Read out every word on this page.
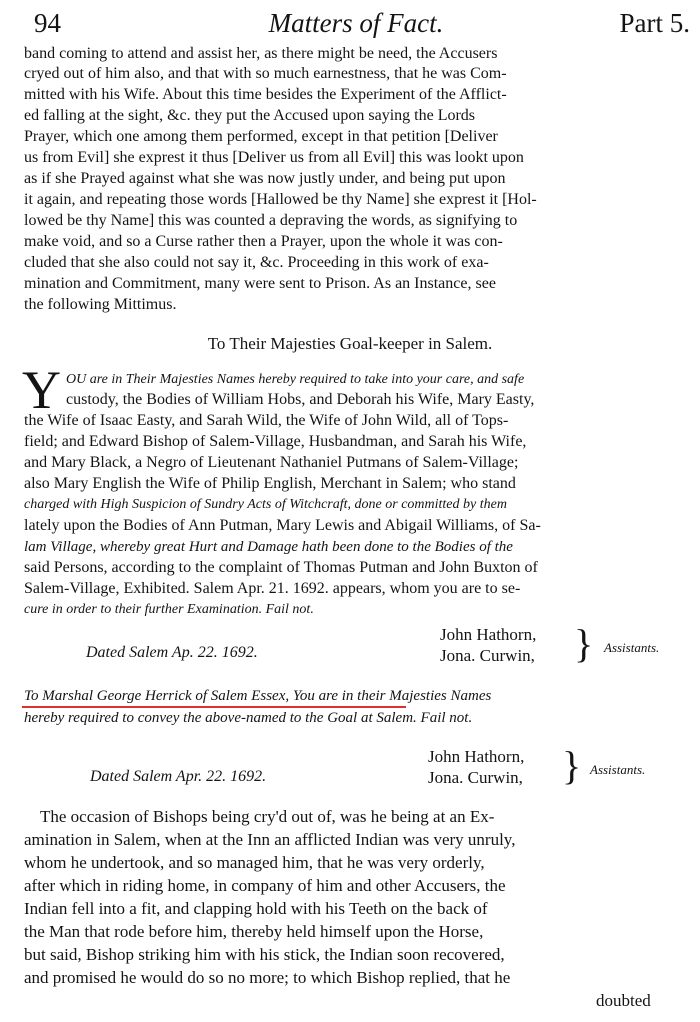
94	Matters of Fact.	Part 5.
band coming to attend and assist her, as there might be need, the Accusers
cryed out of him also, and that with so much earnestness, that he was Com-
mitted with his Wife. About this time besides the Experiment of the Afflict-
ed falling at the sight, &c. they put the Accused upon saying the Lords
Prayer, which one among them performed, except in that petition [Deliver
us from Evil] she exprest it thus [Deliver us from all Evil] this was lookt upon
as if she Prayed against what she was now justly under, and being put upon
it again, and repeating those words [Hallowed be thy Name] she exprest it [Hol-
lowed be thy Name] this was counted a depraving the words, as signifying to
make void, and so a Curse rather then a Prayer, upon the whole it was con-
cluded that she also could not say it, &c. Proceeding in this work of exa-
mination and Commitment, many were sent to Prison. As an Instance, see
the following Mittimus.
To Their Majesties Goal-keeper in Salem.
Y OU are in Their Majesties Names hereby required to take into your care, and safe
custody, the Bodies of William Hobs, and Deborah his Wife, Mary Easty,
the Wife of Isaac Easty, and Sarah Wild, the Wife of John Wild, all of Tops-
field; and Edward Bishop of Salem-Village, Husbandman, and Sarah his Wife,
and Mary Black, a Negro of Lieutenant Nathaniel Putmans of Salem-Village;
also Mary English the Wife of Philip English, Merchant in Salem; who stand
charged with High Suspicion of Sundry Acts of Witchcraft, done or committed by them
lately upon the Bodies of Ann Putman, Mary Lewis and Abigail Williams, of Sa-
lam Village, whereby great Hurt and Damage hath been done to the Bodies of the
said Persons, according to the complaint of Thomas Putman and John Buxton of
Salem-Village, Exhibited. Salem Apr. 21. 1692. appears, whom you are to se-
cure in order to their further Examination. Fail not.
Dated Salem Ap. 22. 1692.
John Hathorn,
Jona. Curwin, } Assistants.
To Marshal George Herrick of Salem Essex, You are in their Majesties Names
hereby required to convey the above-named to the Goal at Salem. Fail not.
Dated Salem Apr. 22. 1692.
John Hathorn,
Jona. Curwin, } Assistants.
The occasion of Bishops being cry'd out of, was he being at an Ex-
amination in Salem, when at the Inn an afflicted Indian was very unruly,
whom he undertook, and so managed him, that he was very orderly,
after which in riding home, in company of him and other Accusers, the
Indian fell into a fit, and clapping hold with his Teeth on the back of
the Man that rode before him, thereby held himself upon the Horse,
but said, Bishop striking him with his stick, the Indian soon recovered,
and promised he would do so no more; to which Bishop replied, that he
doubted
